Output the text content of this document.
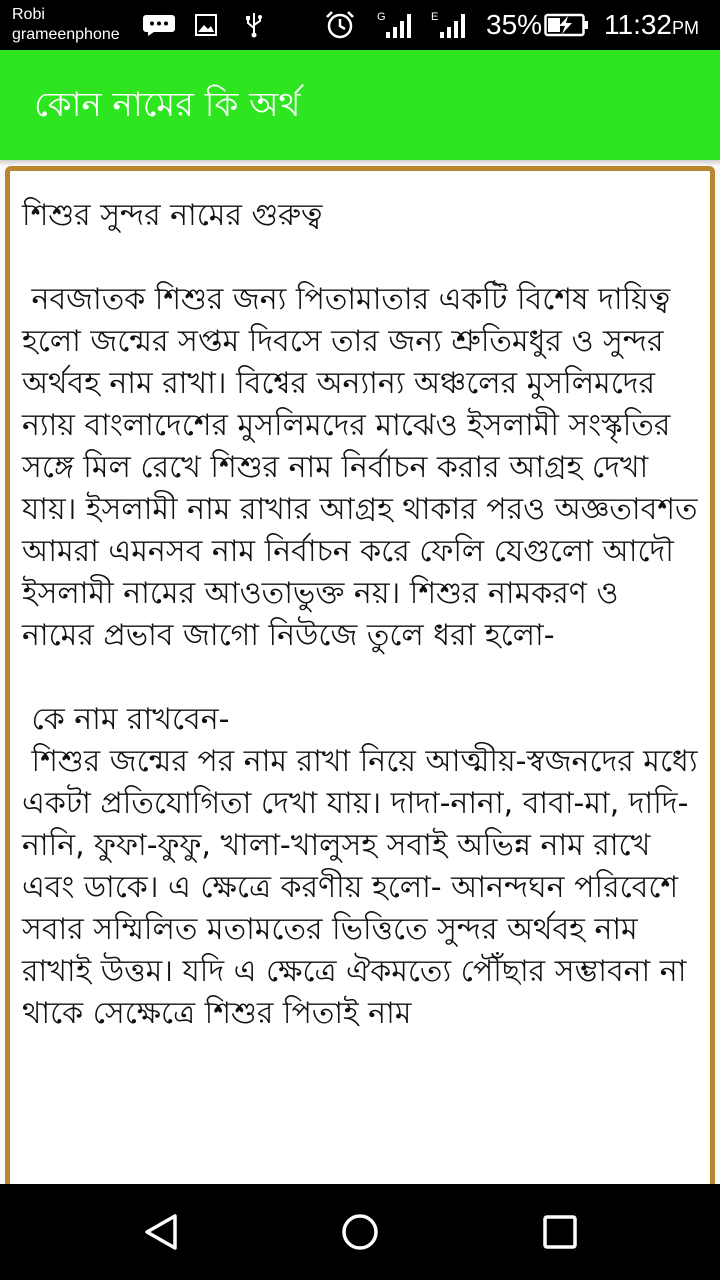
Robi
grameenphone
G	E 35% 11:32PM
কোন নামের কি অর্থ
শিশুর সুন্দর নামের গুরুত্ব

নবজাতক শিশুর জন্য পিতামাতার একটি বিশেষ দায়িত্ব হলো জন্মের সপ্তম দিবসে তার জন্য শ্রুতিমধুর ও সুন্দর অর্থবহ নাম রাখা। বিশ্বের অন্যান্য অঞ্চলের মুসলিমদের ন্যায় বাংলাদেশের মুসলিমদের মাঝেও ইসলামী সংস্কৃতির সঙ্গে মিল রেখে শিশুর নাম নির্বাচন করার আগ্রহ দেখা যায়। ইসলামী নাম রাখার আগ্রহ থাকার পরও অজ্ঞতাবশত আমরা এমনসব নাম নির্বাচন করে ফেলি যেগুলো আদৌ ইসলামী নামের আওতাভুক্ত নয়। শিশুর নামকরণ ও নামের প্রভাব জাগো নিউজে তুলে ধরা হলো-

কে নাম রাখবেন-
শিশুর জন্মের পর নাম রাখা নিয়ে আত্মীয়-স্বজনদের মধ্যে একটা প্রতিযোগিতা দেখা যায়। দাদা-নানা, বাবা-মা, দাদি-নানি, ফুফা-ফুফু, খালা-খালুসহ সবাই অভিন্ন নাম রাখে এবং ডাকে। এ ক্ষেত্রে করণীয় হলো- আনন্দঘন পরিবেশে সবার সম্মিলিত মতামতের ভিত্তিতে সুন্দর অর্থবহ নাম রাখাই উত্তম। যদি এ ক্ষেত্রে ঐকমত্যে পৌঁছার সম্ভাবনা না থাকে সেক্ষেত্রে শিশুর পিতাই নাম
